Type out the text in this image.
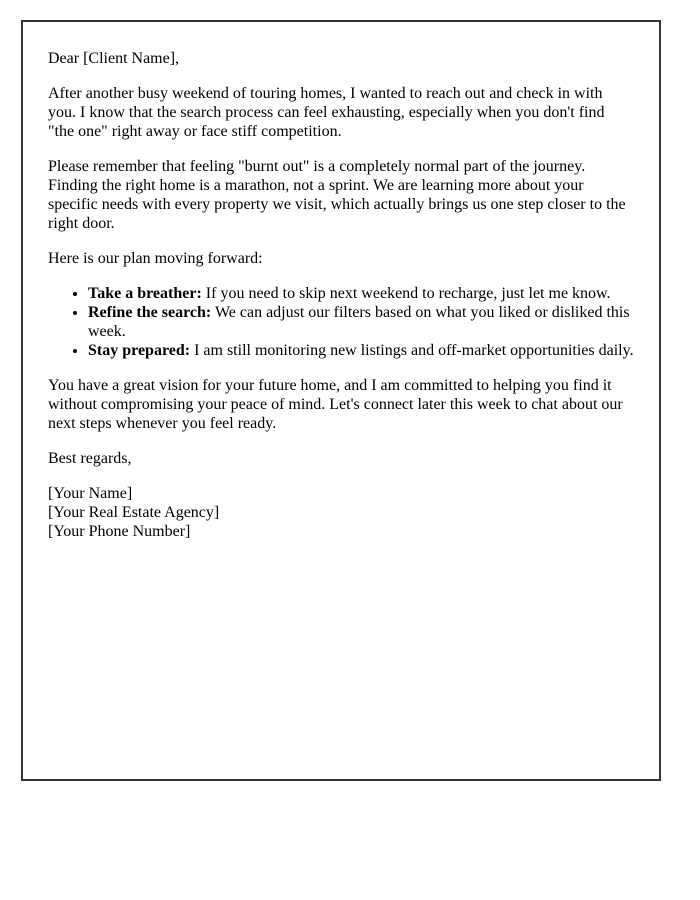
Dear [Client Name],

After another busy weekend of touring homes, I wanted to reach out and check in with you. I know that the search process can feel exhausting, especially when you don't find "the one" right away or face stiff competition.

Please remember that feeling "burnt out" is a completely normal part of the journey. Finding the right home is a marathon, not a sprint. We are learning more about your specific needs with every property we visit, which actually brings us one step closer to the right door.

Here is our plan moving forward:

• Take a breather: If you need to skip next weekend to recharge, just let me know.
• Refine the search: We can adjust our filters based on what you liked or disliked this week.
• Stay prepared: I am still monitoring new listings and off-market opportunities daily.

You have a great vision for your future home, and I am committed to helping you find it without compromising your peace of mind. Let's connect later this week to chat about our next steps whenever you feel ready.

Best regards,

[Your Name]
[Your Real Estate Agency]
[Your Phone Number]
